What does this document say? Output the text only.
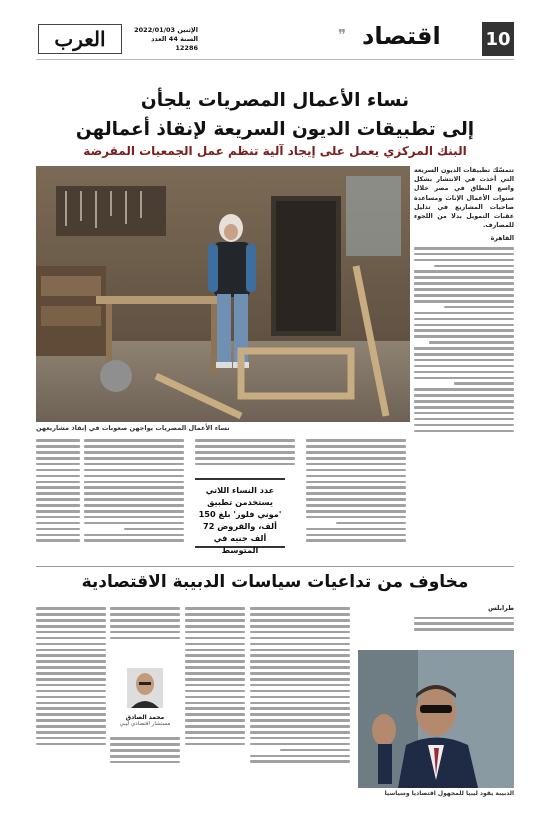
العرب	الإثنين 2022/01/03
السنة 44 العدد 12286
❞ اقتصاد 10
نساء الأعمال المصريات يلجأن
إلى تطبيقات الديون السريعة لإنقاذ أعمالهن
البنك المركزي يعمل على إيجاد آلية تنظم عمل الجمعيات المقرضة
نساء الأعمال المصريات يواجهن صعوبات في إنقاذ مشاريعهن
تتمسّك تطبيقات الديون السريعة التي أخذت في الانتشار بشكل واسع النطاق في مصر خلال سنوات الأعمال الإناث ومساعدة صاحبات المشاريع في تذليل عقبات التمويل بدلا من اللجوء للمصارف.
القاهرة
عدد النساء اللاتي يستخدمن تطبيق 'موني فلوز' بلغ 150 ألف، والقروض 72 ألف جنيه في المتوسط
مخاوف من تداعيات سياسات الدبيبة الاقتصادية
طرابلس
الدبيبة يقود ليبيا للمجهول اقتصاديا وسياسيا
محمد الصادق
مستشار اقتصادي ليبي
